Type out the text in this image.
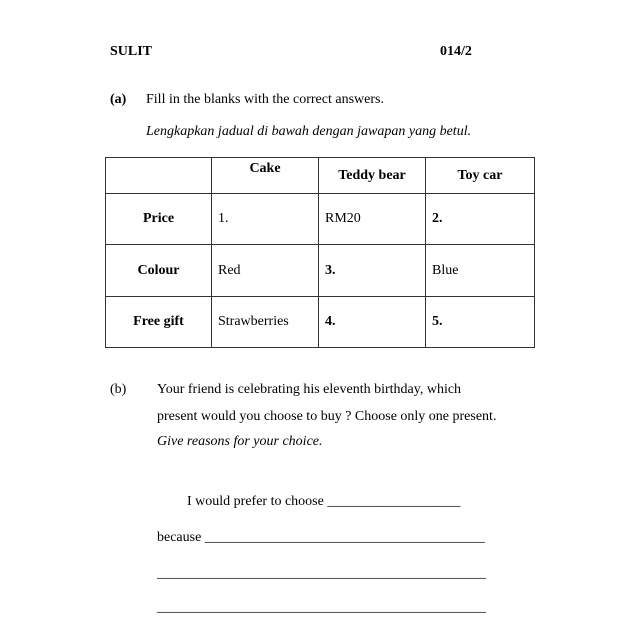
SULIT	014/2
(a) Fill in the blanks with the correct answers.
Lengkapkan jadual di bawah dengan jawapan yang betul.
	Cake	Teddy bear	Toy car
Price	1.	RM20	2.
Colour	Red	3.	Blue
Free gift	Strawberries	4.	5.
(b) Your friend is celebrating his eleventh birthday, which
present would you choose to buy ? Choose only one present.
Give reasons for your choice.
I would prefer to choose ___________________
because ________________________________________
_______________________________________________
_______________________________________________
